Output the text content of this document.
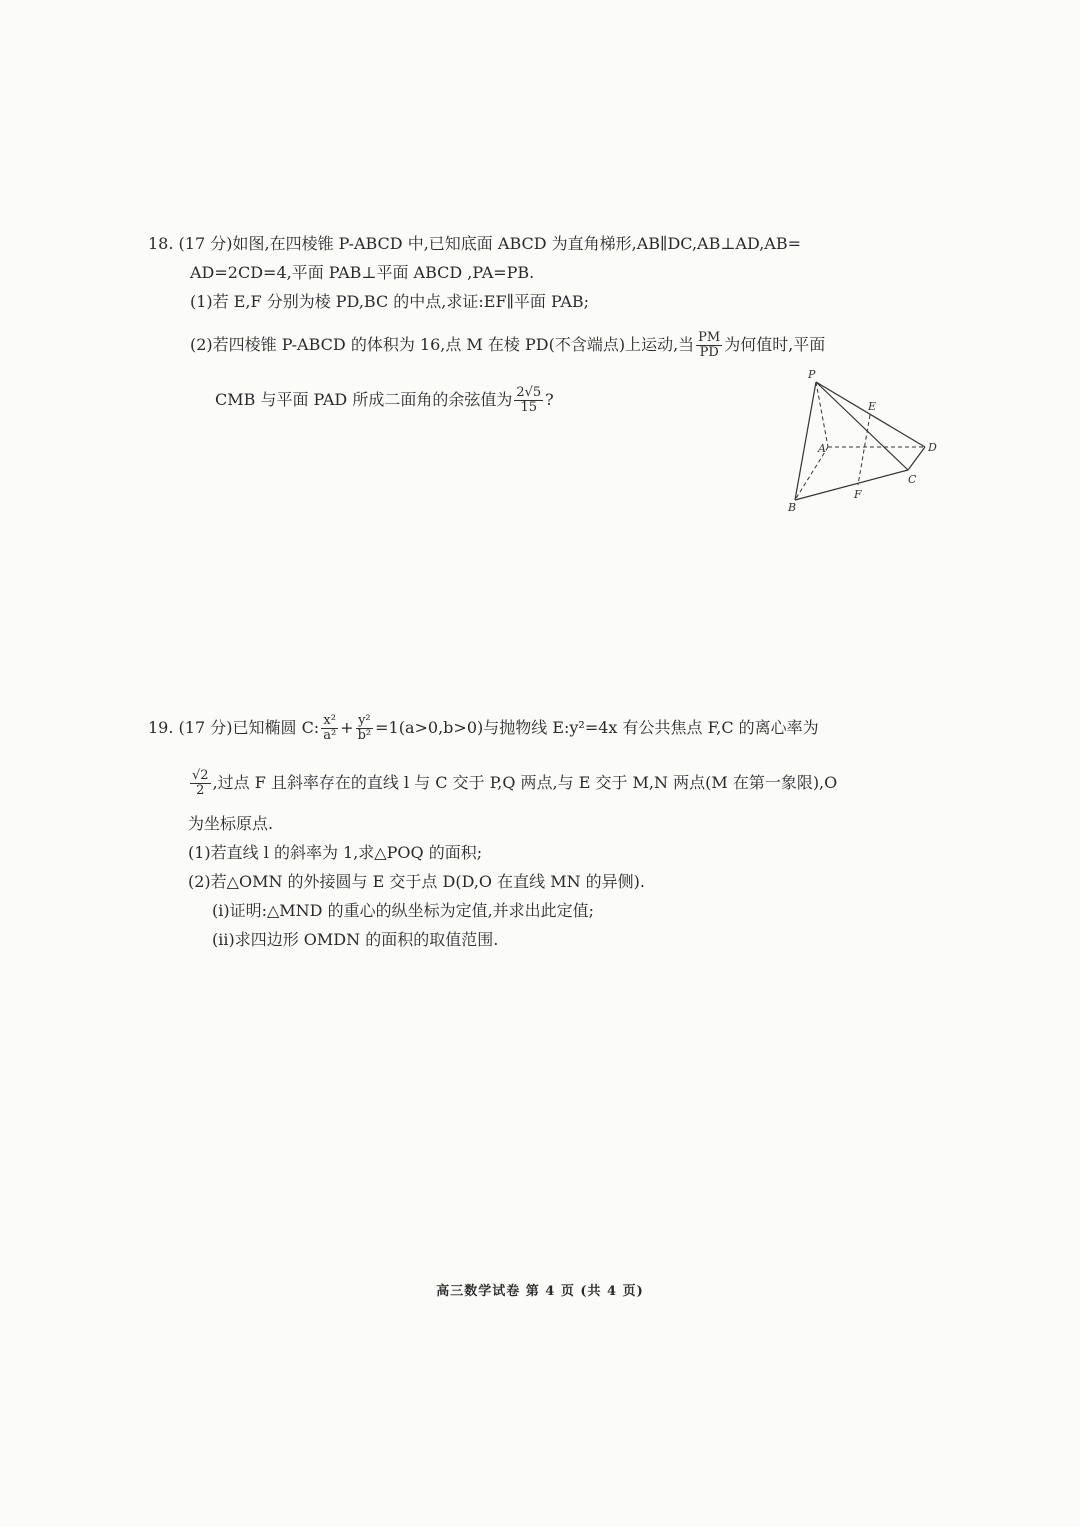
18. (17 分)如图,在四棱锥 P-ABCD 中,已知底面 ABCD 为直角梯形,AB∥DC,AB⊥AD,AB=
AD=2CD=4,平面 PAB⊥平面 ABCD ,PA=PB.
(1)若 E,F 分别为棱 PD,BC 的中点,求证:EF∥平面 PAB;
(2)若四棱锥 P-ABCD 的体积为 16,点 M 在棱 PD(不含端点)上运动,当 $\frac{PM}{PD}$ 为何值时,平面
CMB 与平面 PAD 所成二面角的余弦值为 $\frac{2√5}{15}$ ?
P
E
A	D
C
F
B
19. (17 分)已知椭圆 C: $\frac{\text{x²}}{\text{a²}} + \frac{\text{y²}}{\text{b²}} =1(a>0,b>0)$与抛物线 E:y²=4x 有公共焦点 F,C 的离心率为
$\frac{√2}{2}$ ,过点 F 且斜率存在的直线 l 与 C 交于 P,Q 两点,与 E 交于 M,N 两点(M 在第一象限),O
为坐标原点.
(1)若直线 l 的斜率为 1,求△POQ 的面积;
(2)若△OMN 的外接圆与 E 交于点 D(D,O 在直线 MN 的异侧).
(ⅰ)证明:△MND 的重心的纵坐标为定值,并求出此定值;
(ⅱ)求四边形 OMDN 的面积的取值范围.
高三数学试卷 第 4 页 (共 4 页)
